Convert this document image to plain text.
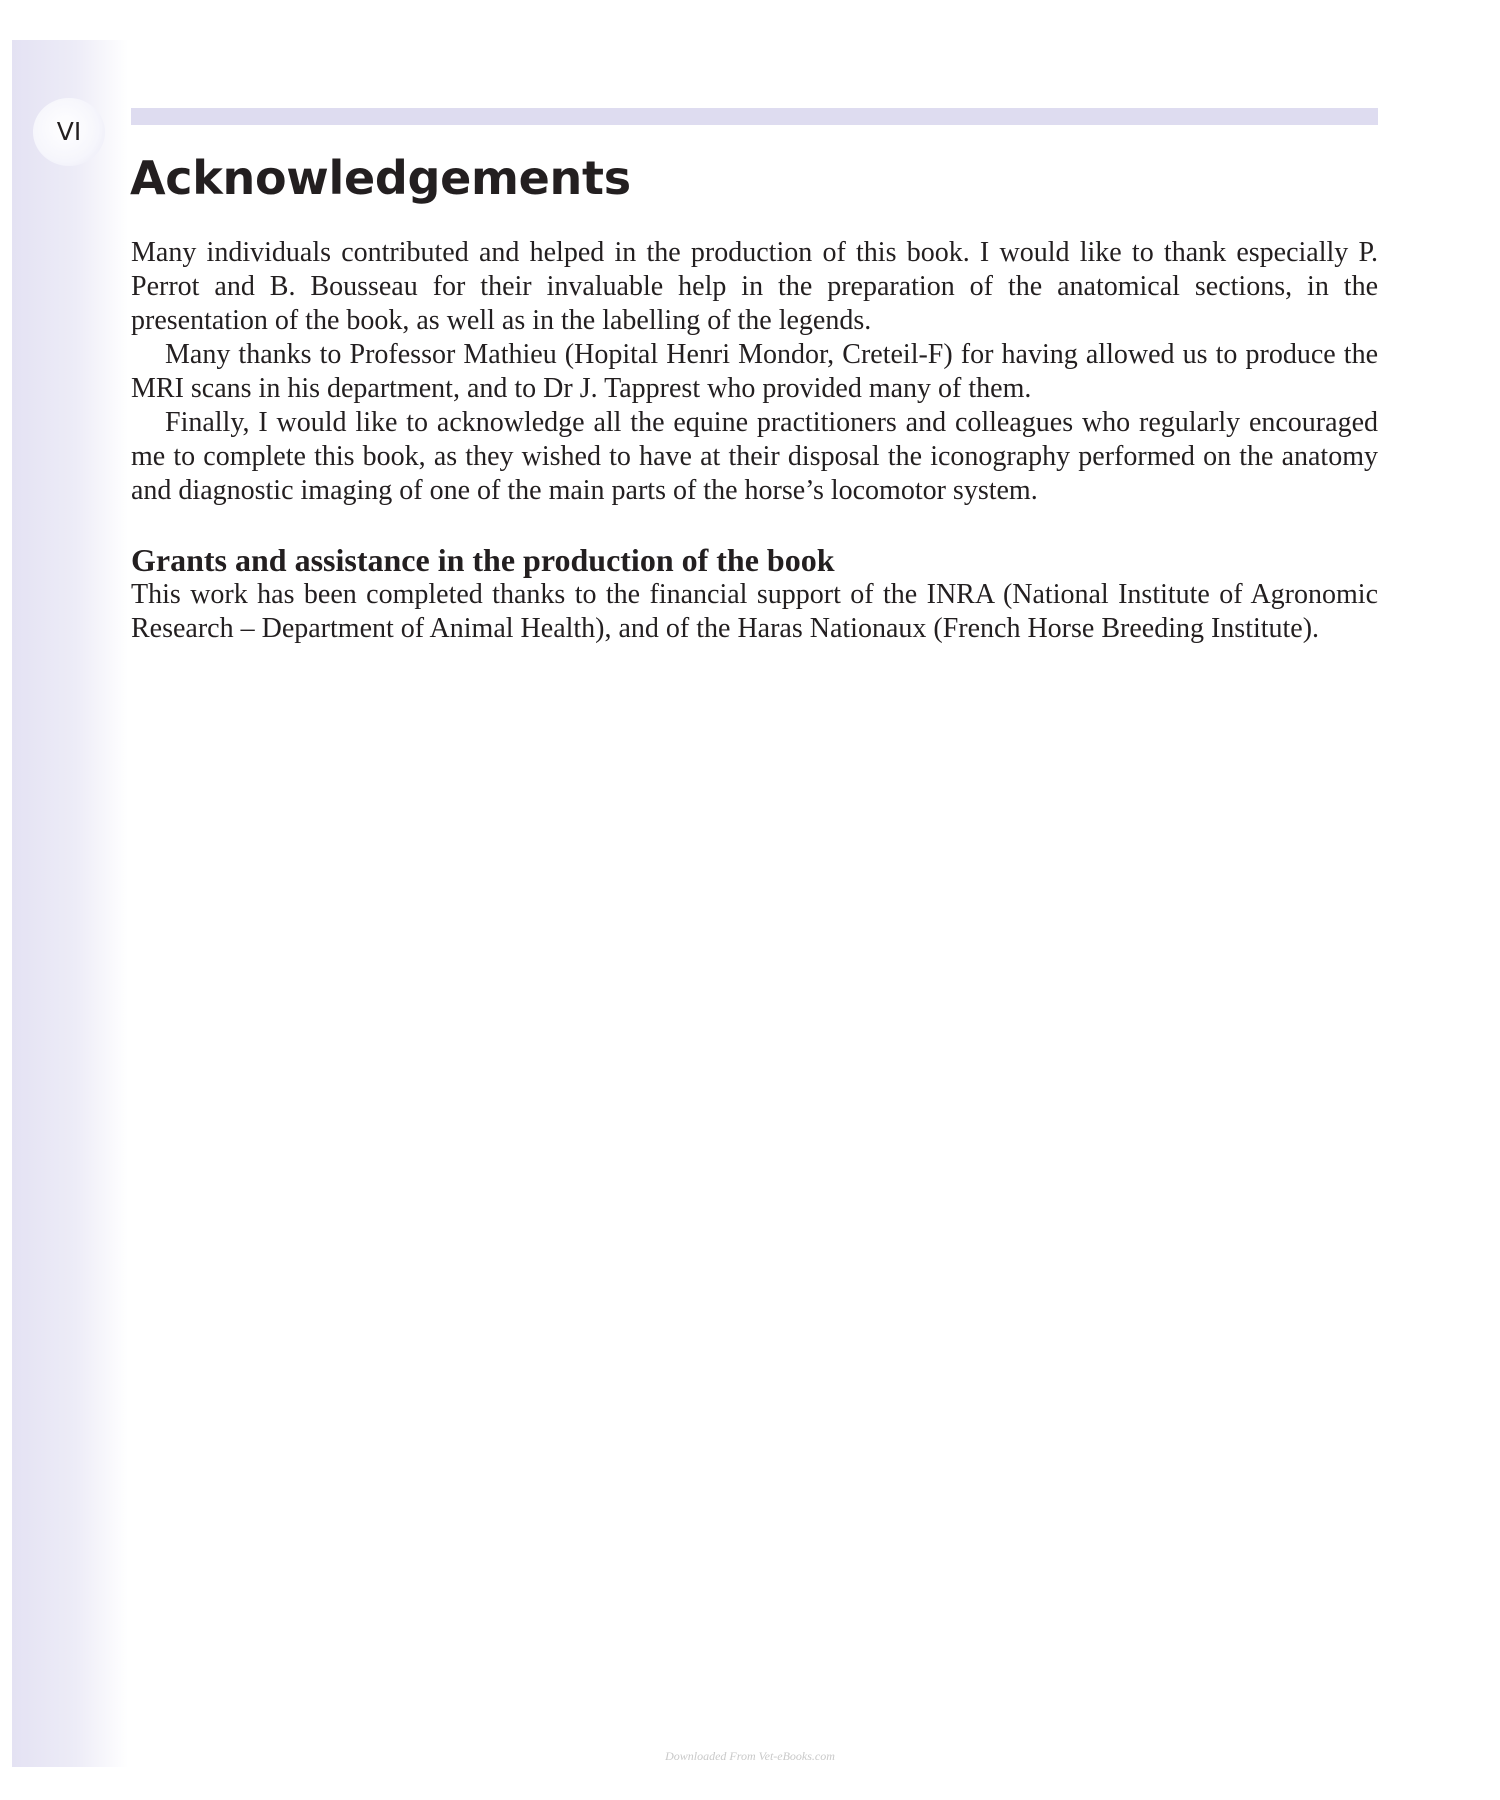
VI
Acknowledgements

Many individuals contributed and helped in the production of this book. I would like to thank especially P. Perrot and B. Bousseau for their invaluable help in the preparation of the anatomical sections, in the presentation of the book, as well as in the labelling of the legends.

Many thanks to Professor Mathieu (Hopital Henri Mondor, Creteil-F) for having allowed us to produce the MRI scans in his department, and to Dr J. Tapprest who provided many of them.

Finally, I would like to acknowledge all the equine practitioners and colleagues who regularly encouraged me to complete this book, as they wished to have at their disposal the iconography performed on the anatomy and diagnostic imaging of one of the main parts of the horse’s locomotor system.

Grants and assistance in the production of the book

This work has been completed thanks to the financial support of the INRA (National Institute of Agronomic Research – Department of Animal Health), and of the Haras Nationaux (French Horse Breeding Institute).

Downloaded From Vet-eBooks.com
